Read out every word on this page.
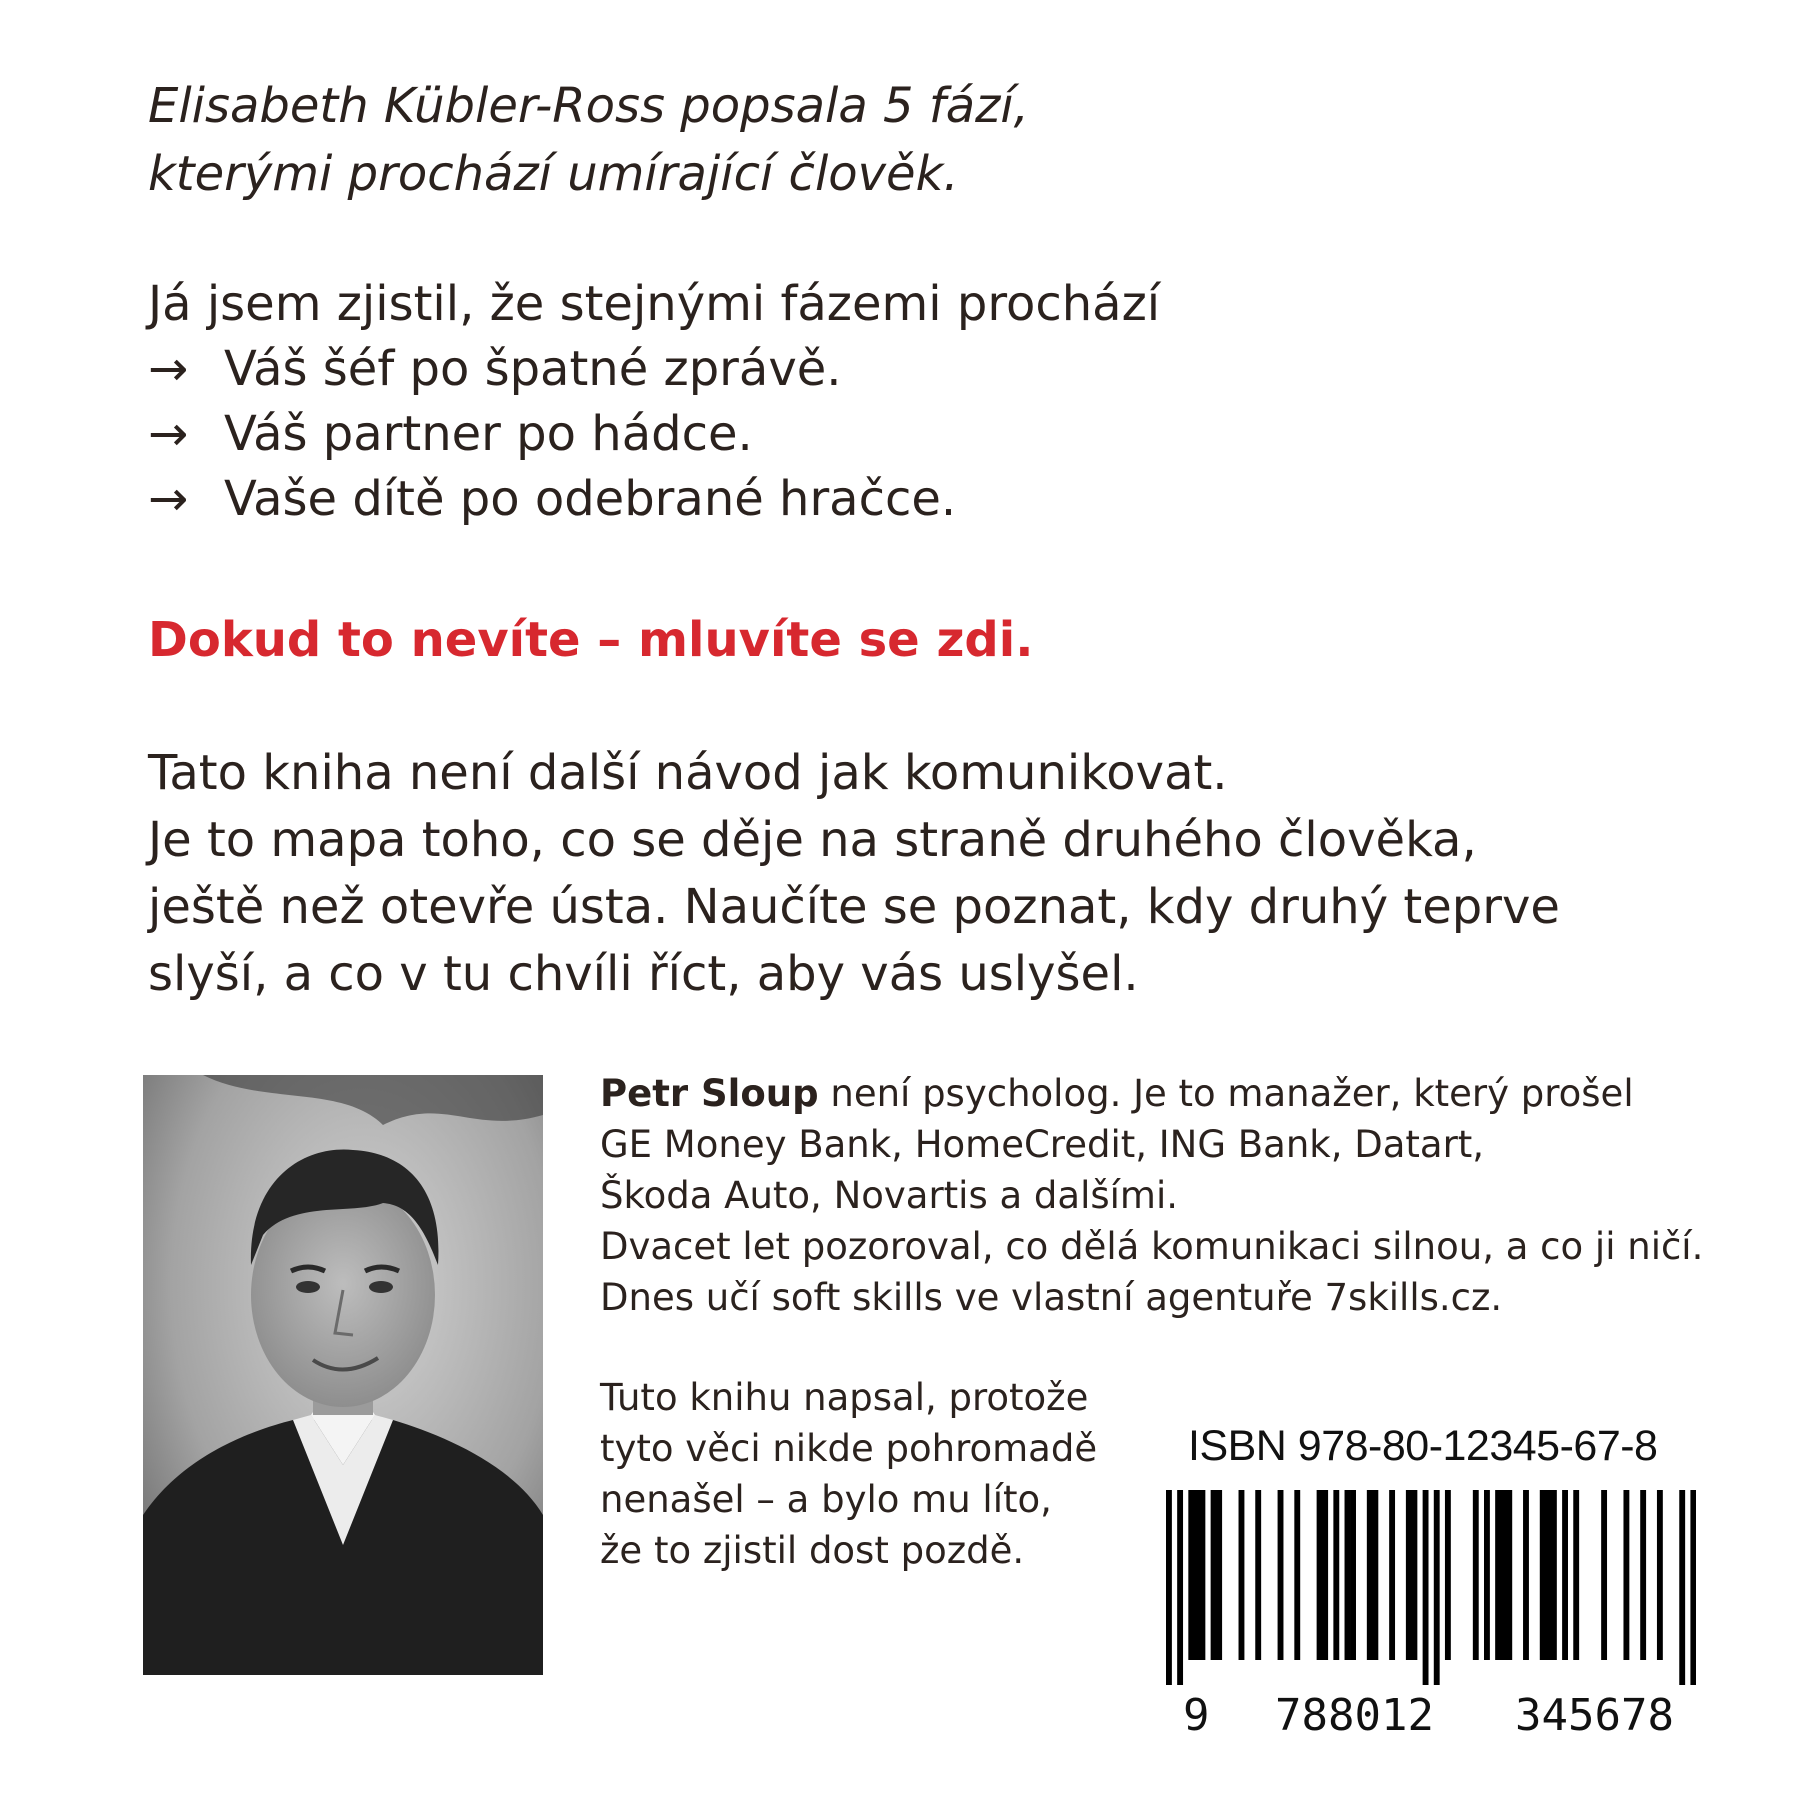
Elisabeth Kübler-Ross popsala 5 fází,
kterými prochází umírající člověk.
Já jsem zjistil, že stejnými fázemi prochází
→ Váš šéf po špatné zprávě.
→ Váš partner po hádce.
→ Vaše dítě po odebrané hračce.
Dokud to nevíte – mluvíte se zdi.
Tato kniha není další návod jak komunikovat.
Je to mapa toho, co se děje na straně druhého člověka,
ještě než otevře ústa. Naučíte se poznat, kdy druhý teprve
slyší, a co v tu chvíli říct, aby vás uslyšel.
Petr Sloup není psycholog. Je to manažer, který prošel
GE Money Bank, HomeCredit, ING Bank, Datart,
Škoda Auto, Novartis a dalšími.
Dvacet let pozoroval, co dělá komunikaci silnou, a co ji ničí.
Dnes učí soft skills ve vlastní agentuře 7skills.cz.
Tuto knihu napsal, protože
tyto věci nikde pohromadě
nenašel – a bylo mu líto,
že to zjistil dost pozdě.
ISBN 978-80-12345-67-8
9 788012 345678
